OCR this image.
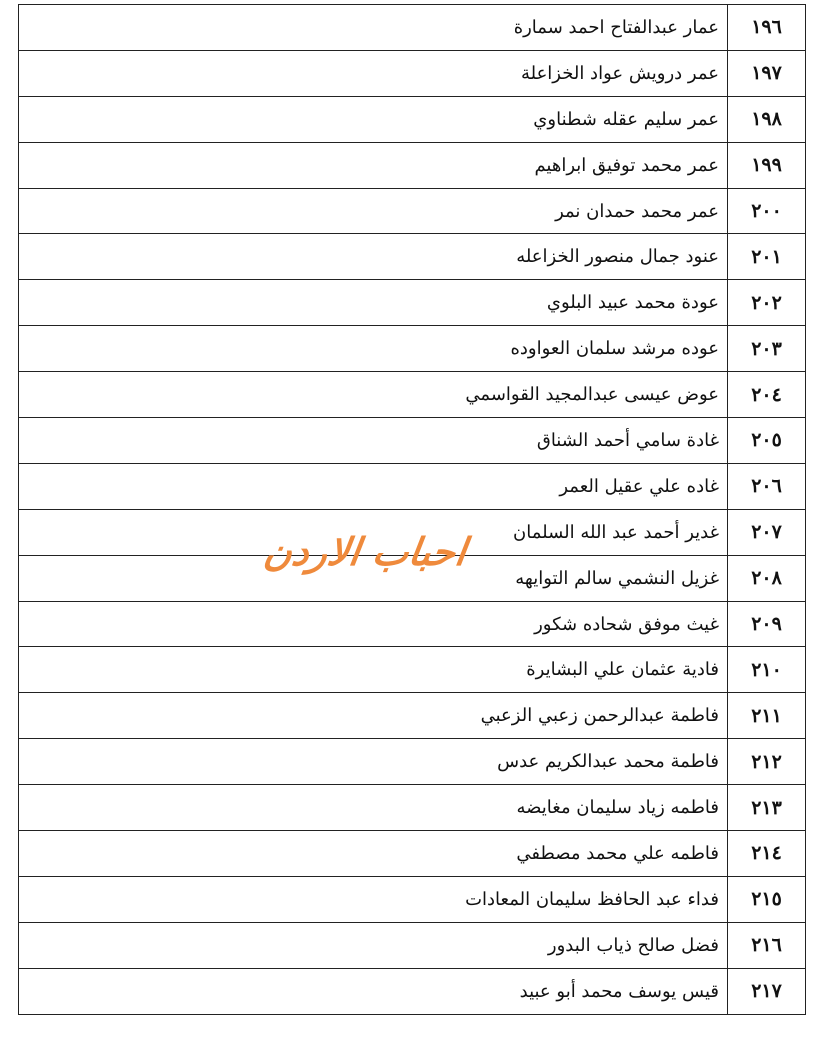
١٩٦	عمار عبدالفتاح احمد سمارة
١٩٧	عمر درويش عواد الخزاعلة
١٩٨	عمر سليم عقله شطناوي
١٩٩	عمر محمد توفيق ابراهيم
٢٠٠	عمر محمد حمدان نمر
٢٠١	عنود جمال منصور الخزاعله
٢٠٢	عودة محمد عبيد البلوي
٢٠٣	عوده مرشد سلمان العواوده
٢٠٤	عوض عيسى عبدالمجيد القواسمي
٢٠٥	غادة سامي أحمد الشناق
٢٠٦	غاده علي عقيل العمر
٢٠٧	غدير أحمد عبد الله السلمان
٢٠٨	غزيل النشمي سالم التوايهه
٢٠٩	غيث موفق شحاده شكور
٢١٠	فادية عثمان علي البشايرة
٢١١	فاطمة عبدالرحمن زعبي الزعبي
٢١٢	فاطمة محمد عبدالكريم عدس
٢١٣	فاطمه زياد سليمان مغايضه
٢١٤	فاطمه علي محمد مصطفي
٢١٥	فداء عبد الحافظ سليمان المعادات
٢١٦	فضل صالح ذياب البدور
٢١٧	قيس يوسف محمد أبو عبيد
احباب الاردن
